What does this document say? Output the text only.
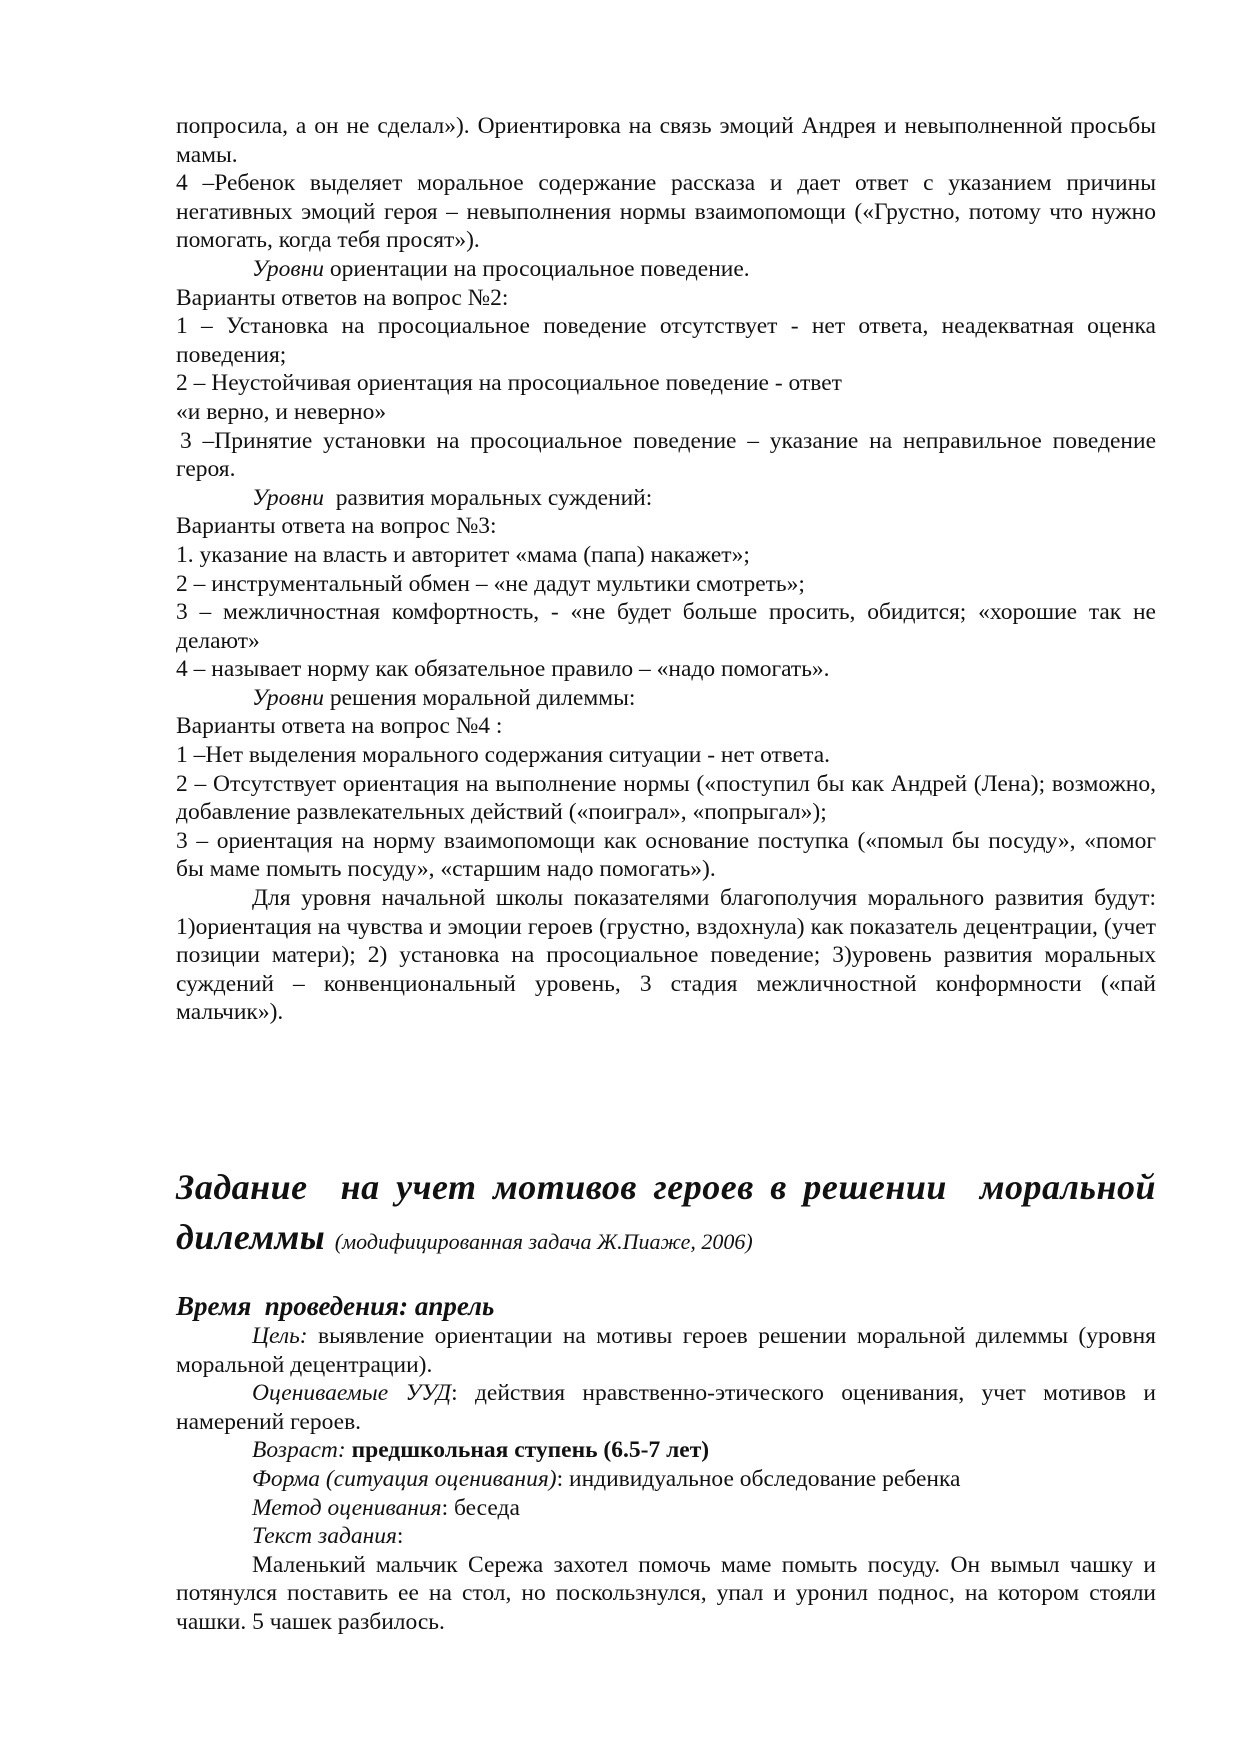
попросила, а он не сделал»). Ориентировка на связь эмоций Андрея и невыполненной просьбы мамы.

4 –Ребенок выделяет моральное содержание рассказа и дает ответ с указанием причины негативных эмоций героя – невыполнения нормы взаимопомощи («Грустно, потому что нужно помогать, когда тебя просят»).

Уровни ориентации на просоциальное поведение.

Варианты ответов на вопрос №2:

1 – Установка на просоциальное поведение отсутствует - нет ответа, неадекватная оценка поведения;

2 – Неустойчивая ориентация на просоциальное поведение - ответ

«и верно, и неверно»

3 –Принятие установки на просоциальное поведение – указание на неправильное поведение героя.

Уровни  развития моральных суждений:

Варианты ответа на вопрос №3:

1. указание на власть и авторитет «мама (папа) накажет»;

2 – инструментальный обмен – «не дадут мультики смотреть»;

3 – межличностная комфортность, - «не будет больше просить, обидится; «хорошие так не делают»

4 – называет норму как обязательное правило – «надо помогать».

Уровни решения моральной дилеммы:

Варианты ответа на вопрос №4 :

1 –Нет выделения морального содержания ситуации - нет ответа.

2 – Отсутствует ориентация на выполнение нормы («поступил бы как Андрей (Лена); возможно, добавление развлекательных действий («поиграл», «попрыгал»);

3 – ориентация на норму взаимопомощи как основание поступка («помыл бы посуду», «помог бы маме помыть посуду», «старшим надо помогать»).

Для уровня начальной школы показателями благополучия морального развития будут: 1)ориентация на чувства и эмоции героев (грустно, вздохнула) как показатель децентрации, (учет позиции матери); 2) установка на просоциальное поведение; 3)уровень развития моральных суждений – конвенциональный уровень, 3 стадия межличностной конформности («пай мальчик»).

Задание  на учет мотивов героев в решении  моральной дилеммы (модифицированная задача Ж.Пиаже, 2006)
Время  проведения: апрель

Цель: выявление ориентации на мотивы героев решении моральной дилеммы (уровня моральной децентрации).

Оцениваемые УУД: действия нравственно-этического оценивания, учет мотивов и намерений героев.

Возраст: предшкольная ступень (6.5-7 лет)

Форма (ситуация оценивания): индивидуальное обследование ребенка

Метод оценивания: беседа

Текст задания:

Маленький мальчик Сережа захотел помочь маме помыть посуду. Он вымыл чашку и потянулся поставить ее на стол, но поскользнулся, упал и уронил поднос, на котором стояли чашки. 5 чашек разбилось.
